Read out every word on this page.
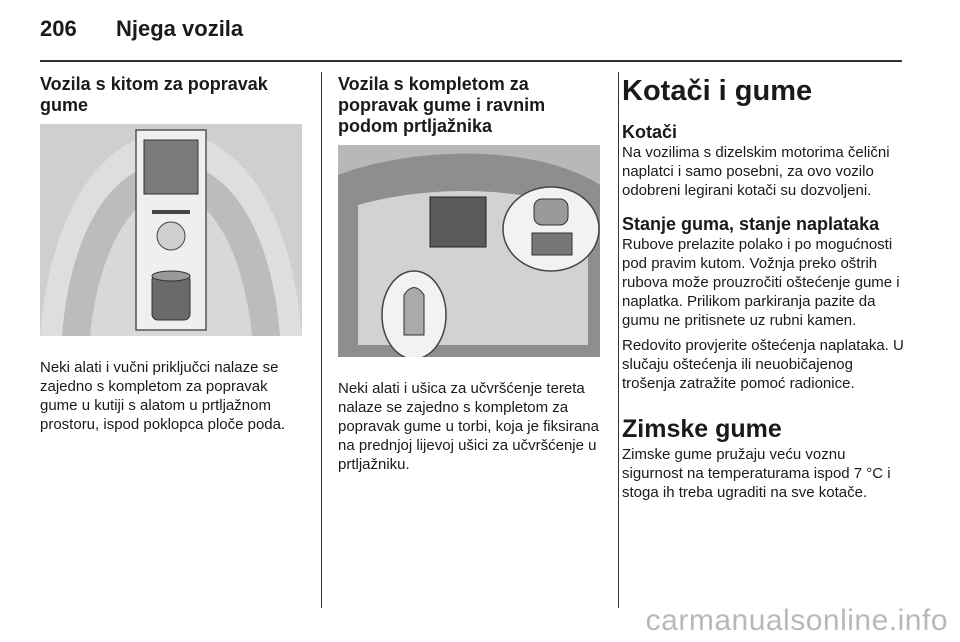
206 Njega vozila
Vozila s kitom za popravak gume

Neki alati i vučni priključci nalaze se zajedno s kompletom za popravak gume u kutiji s alatom u prtljažnom prostoru, ispod poklopca ploče poda.

Vozila s kompletom za popravak gume i ravnim podom prtljažnika

Neki alati i ušica za učvršćenje tereta nalaze se zajedno s kompletom za popravak gume u torbi, koja je fiksirana na prednjoj lijevoj ušici za učvršćenje u prtljažniku.

Kotači i gume
Kotači

Na vozilima s dizelskim motorima čelični naplatci i samo posebni, za ovo vozilo odobreni legirani kotači su dozvoljeni.

Stanje guma, stanje naplataka

Rubove prelazite polako i po mogućnosti pod pravim kutom. Vožnja preko oštrih rubova može prouzročiti oštećenje gume i naplatka. Prilikom parkiranja pazite da gumu ne pritisnete uz rubni kamen.

Redovito provjerite oštećenja naplataka. U slučaju oštećenja ili neuobičajenog trošenja zatražite pomoć radionice.

Zimske gume

Zimske gume pružaju veću voznu sigurnost na temperaturama ispod 7 °C i stoga ih treba ugraditi na sve kotače.

carmanualsonline.info
